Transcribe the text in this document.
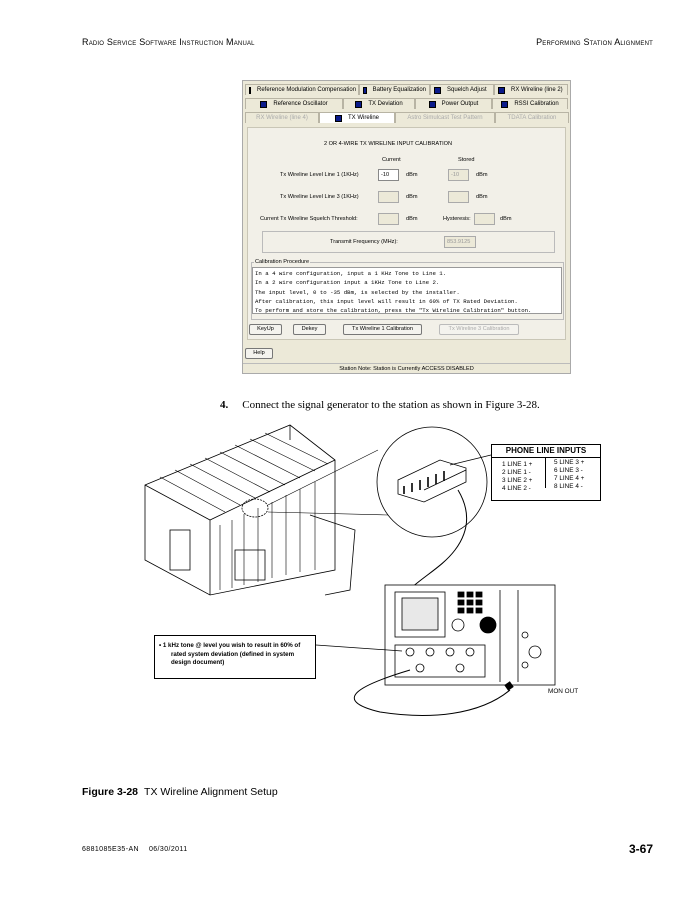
Radio Service Software Instruction Manual	Performing Station Alignment
Reference Modulation Compensation	Battery Equalization	Squelch Adjust	RX Wireline (line 2)
Reference Oscillator	TX Deviation	Power Output	RSSI Calibration
RX Wireline (line 4)	TX Wireline	Astro Simulcast Test Pattern	TDATA Calibration
2 OR 4-WIRE TX WIRELINE INPUT CALIBRATION
Current	Stored
Tx Wireline Level Line 1 (1KHz)	-10	dBm	-10	dBm
Tx Wireline Level Line 3 (1KHz)	dBm	dBm
Current Tx Wireline Squelch Threshold:	dBm	Hysteresis:	dBm
Transmit Frequency (MHz):	853.9125
Calibration Procedure
In a 4 wire configuration, input a 1 KHz Tone to Line 1.
In a 2 wire configuration input a 1KHz Tone to Line 2.
The input level, 0 to -35 dBm, is selected by the installer.
After calibration, this input level will result in 60% of TX Rated Deviation.
To perform and store the calibration, press the "Tx Wireline Calibration" button.
KeyUp	Dekey	Tx Wireline 1 Calibration	Tx Wireline 3 Calibration
Help
Station Note: Station is Currently ACCESS DISABLED
4. Connect the signal generator to the station as shown in Figure 3-28.
PHONE LINE INPUTS
1 LINE 1 +
2 LINE 1 -
3 LINE 2 +
4 LINE 2 -
5 LINE 3 +
6 LINE 3 -
7 LINE 4 +
8 LINE 4 -
• 1 kHz tone @ level you wish to result in 60% of
rated system deviation (defined in system
design document)
MON OUT
Figure 3-28 TX Wireline Alignment Setup
6881085E35-AN 06/30/2011	3-67
